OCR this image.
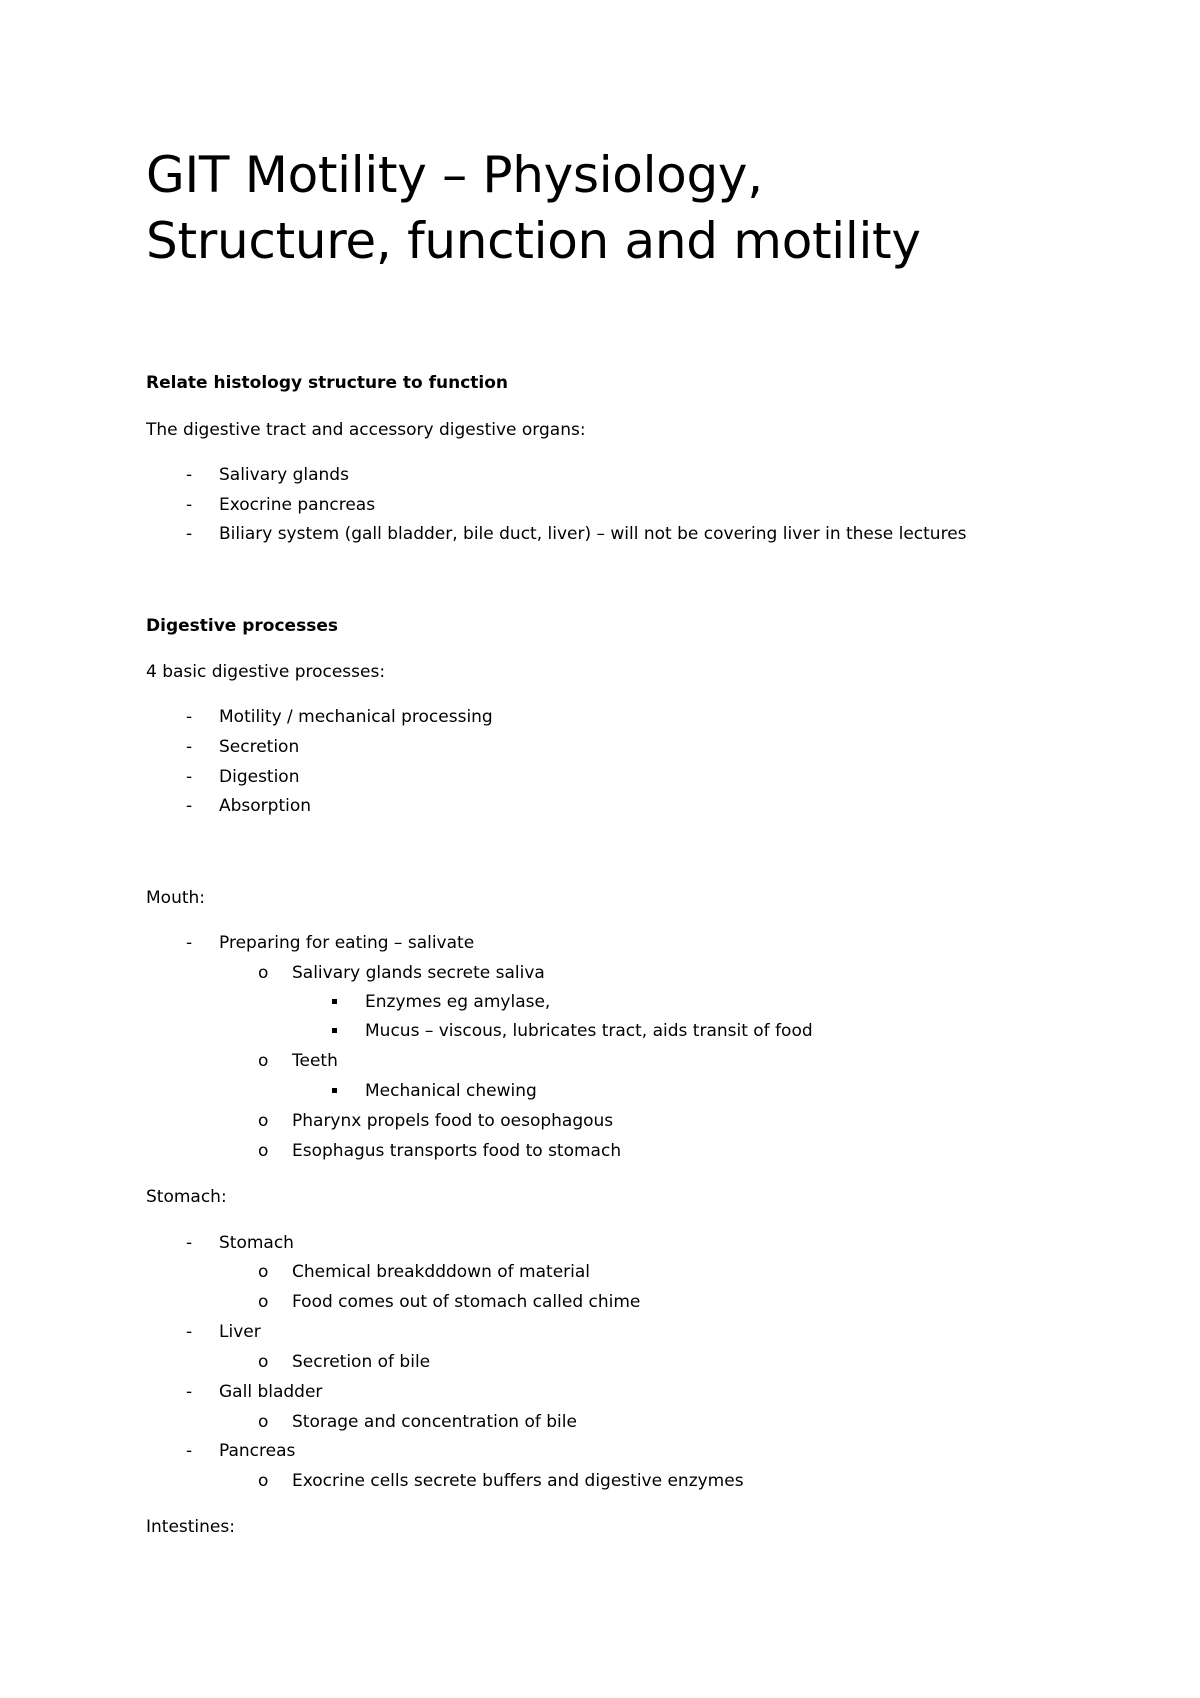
GIT Motility – Physiology,
Structure, function and motility
Relate histology structure to function
The digestive tract and accessory digestive organs:
- Salivary glands
- Exocrine pancreas
- Biliary system (gall bladder, bile duct, liver) – will not be covering liver in these lectures
Digestive processes
4 basic digestive processes:
- Motility / mechanical processing
- Secretion
- Digestion
- Absorption
Mouth:
- Preparing for eating – salivate
o Salivary glands secrete saliva
Enzymes eg amylase,
Mucus – viscous, lubricates tract, aids transit of food
o Teeth
Mechanical chewing
o Pharynx propels food to oesophagous
o Esophagus transports food to stomach
Stomach:
- Stomach
o Chemical breakdddown of material
o Food comes out of stomach called chime
- Liver
o Secretion of bile
- Gall bladder
o Storage and concentration of bile
- Pancreas
o Exocrine cells secrete buffers and digestive enzymes
Intestines:
